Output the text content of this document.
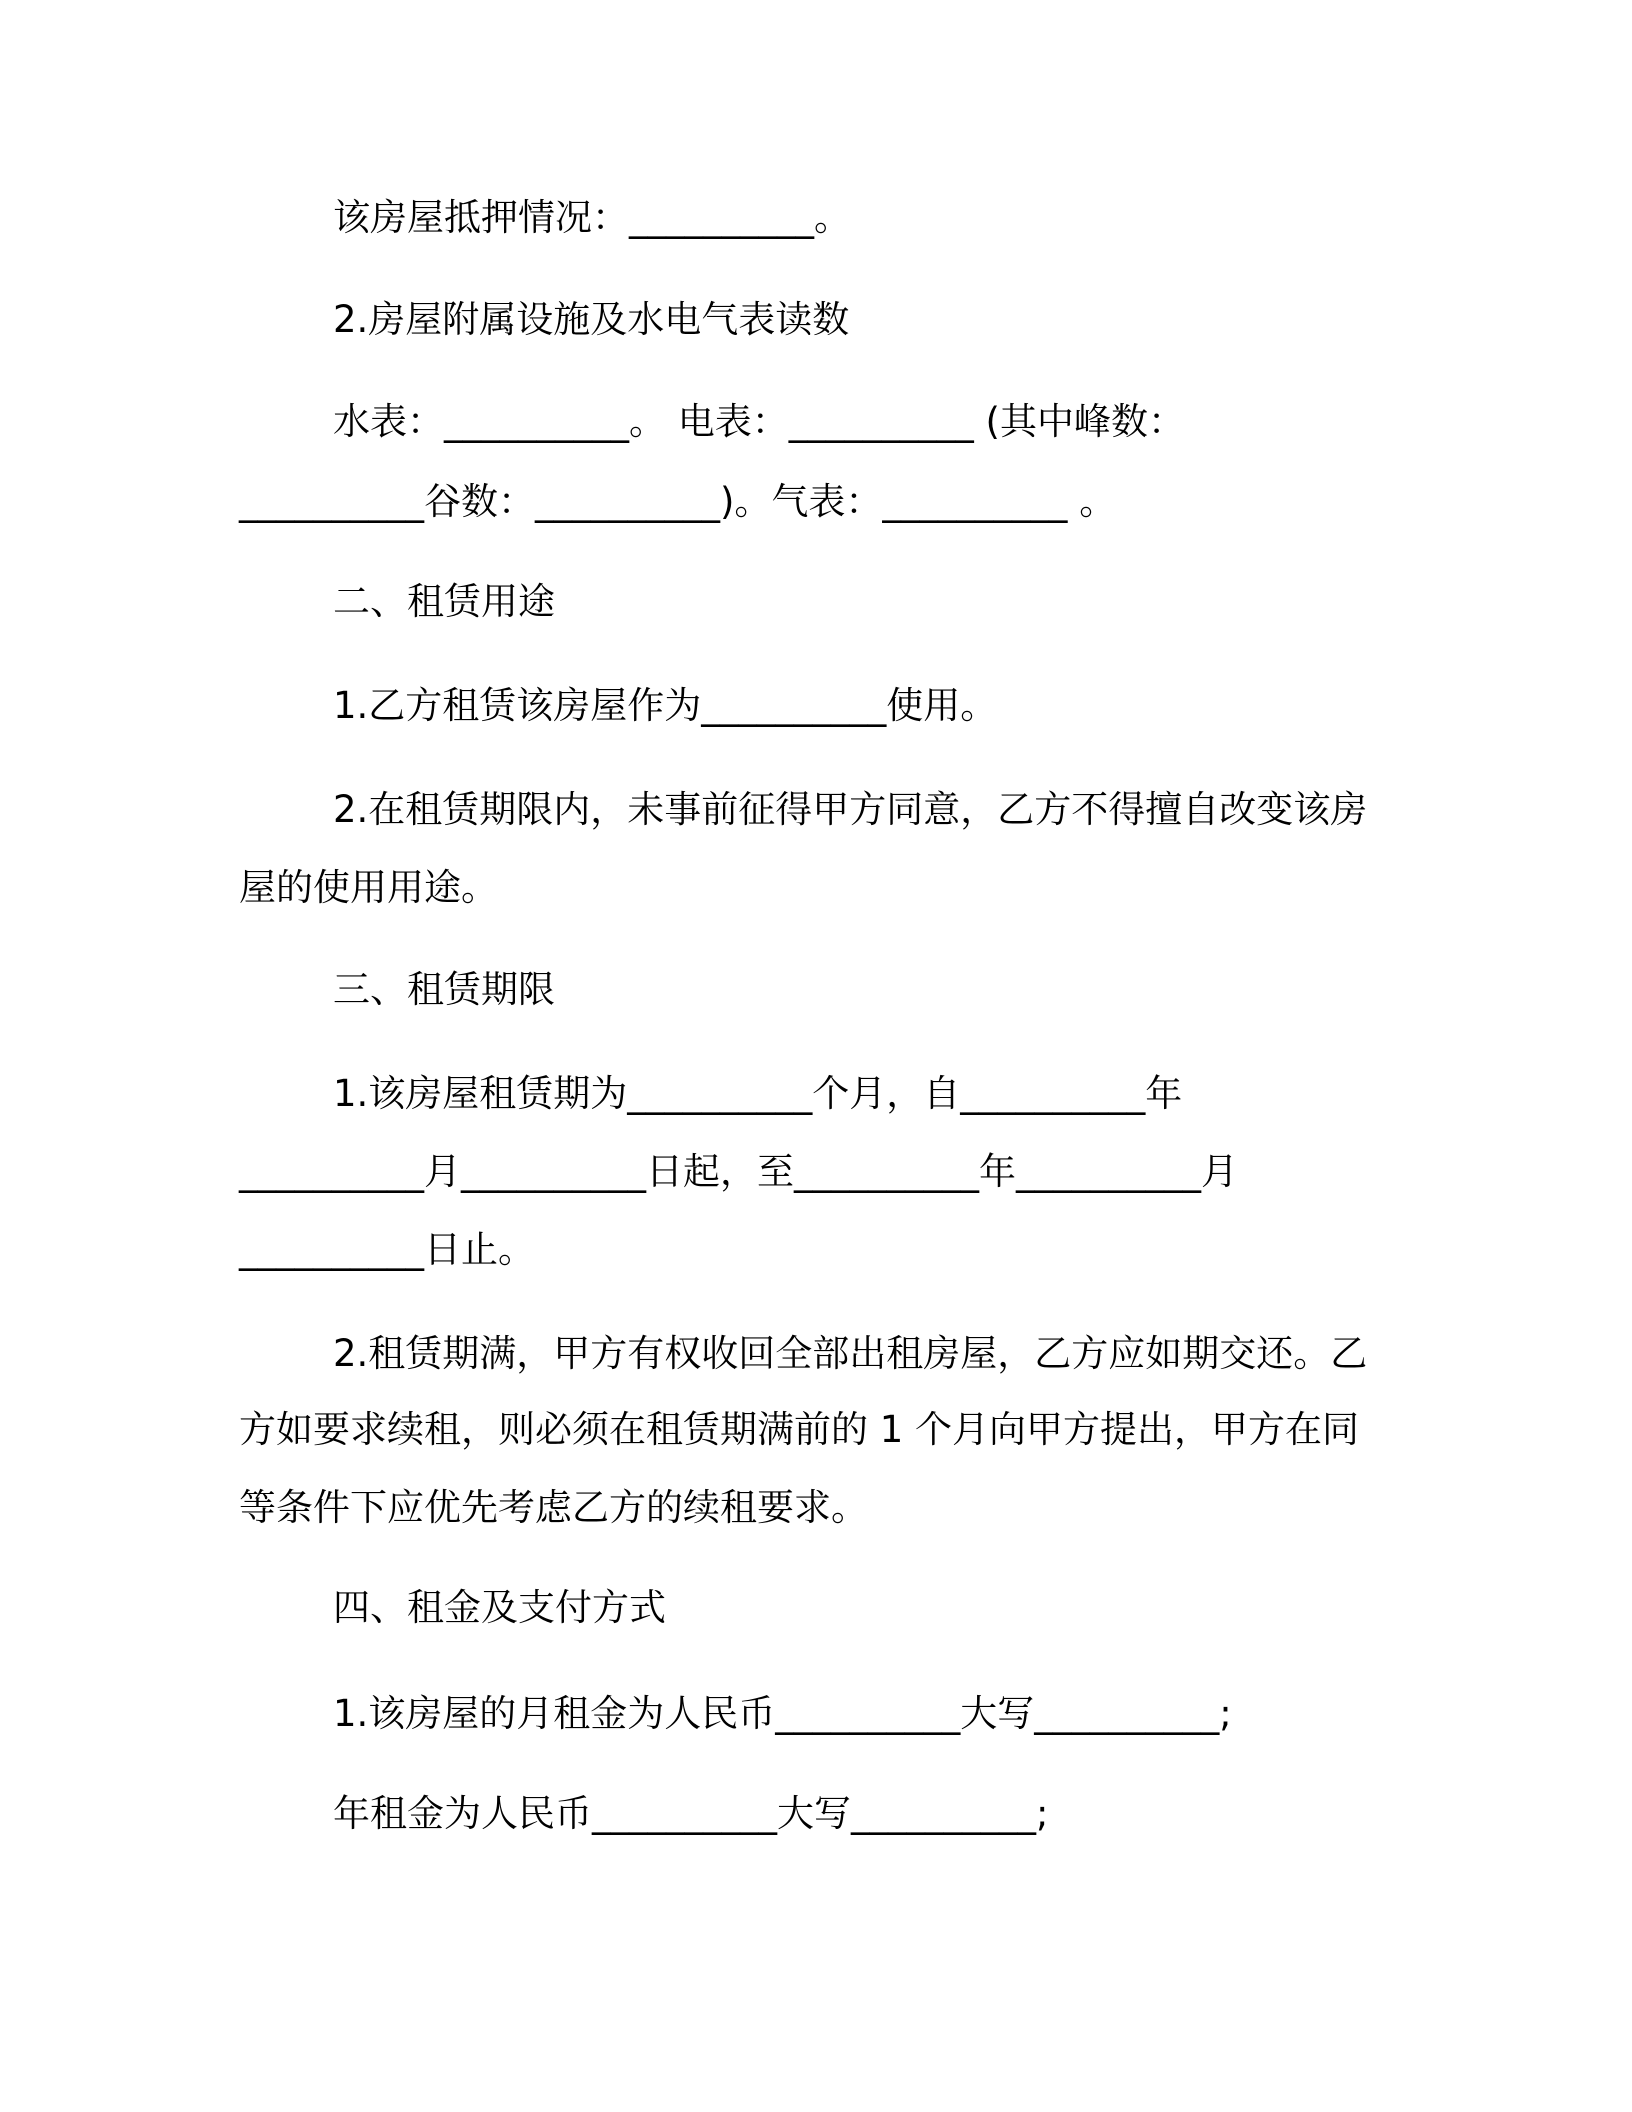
该房屋抵押情况：__________。
2.房屋附属设施及水电气表读数
水表：__________。 电表：__________ (其中峰数：
__________谷数：__________)。气表：__________ 。
二、租赁用途
1.乙方租赁该房屋作为__________使用。
2.在租赁期限内，未事前征得甲方同意，乙方不得擅自改变该房
屋的使用用途。
三、租赁期限
1.该房屋租赁期为__________个月，自__________年
__________月__________日起，至__________年__________月
__________日止。
2.租赁期满，甲方有权收回全部出租房屋，乙方应如期交还。乙
方如要求续租，则必须在租赁期满前的 1 个月向甲方提出，甲方在同
等条件下应优先考虑乙方的续租要求。
四、租金及支付方式
1.该房屋的月租金为人民币__________大写__________;
年租金为人民币__________大写__________;
